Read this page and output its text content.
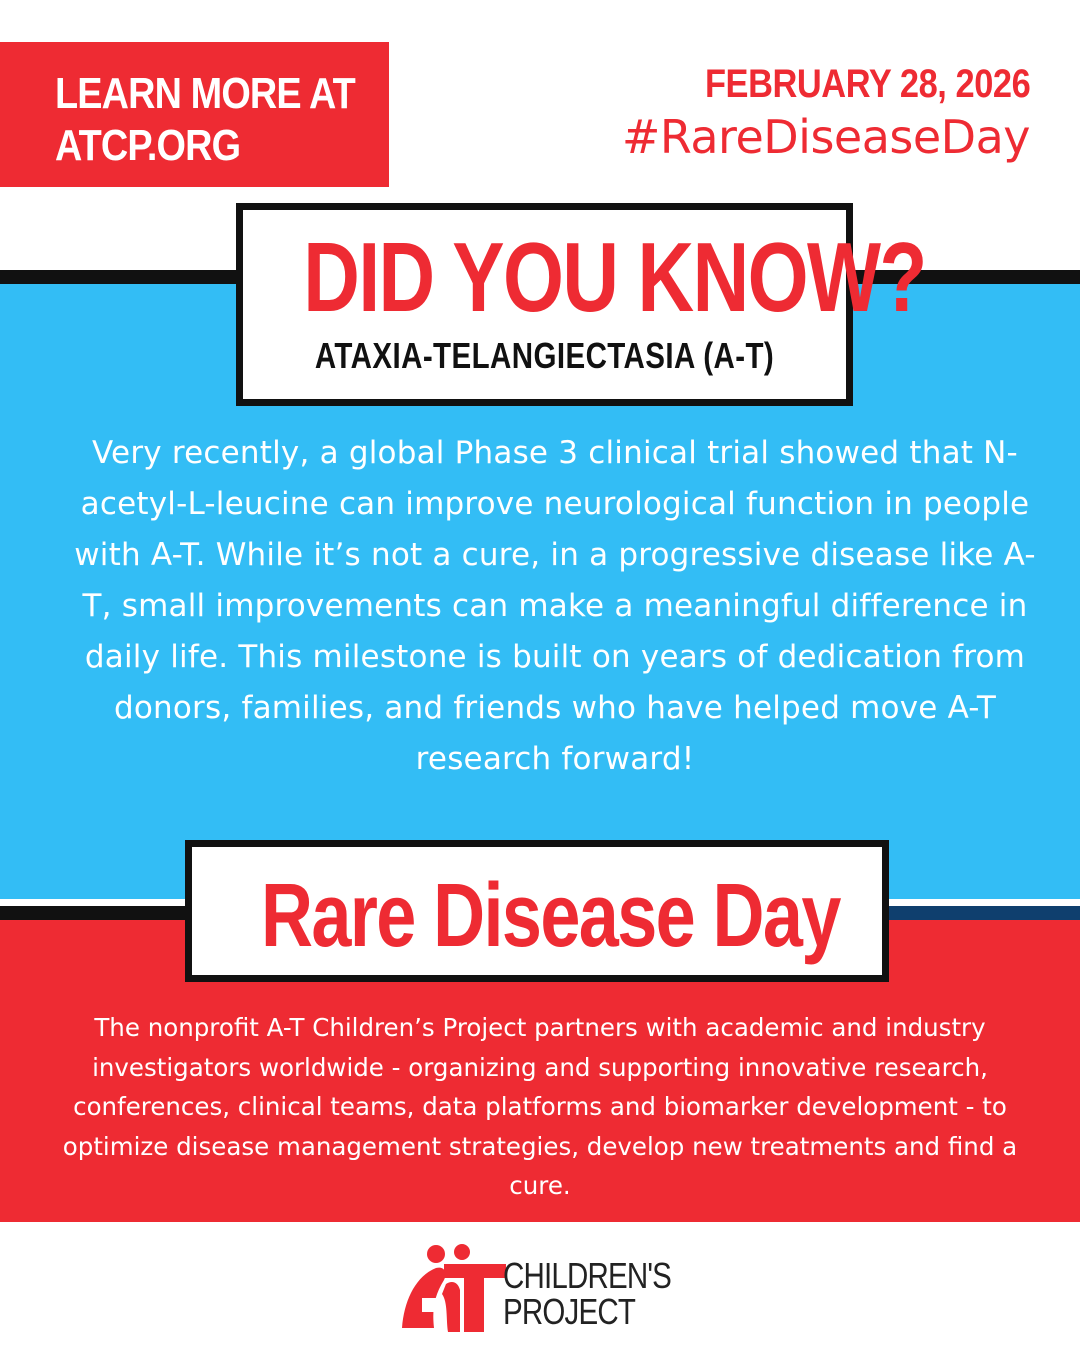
LEARN MORE AT
ATCP.ORG
FEBRUARY 28, 2026
#RareDiseaseDay
DID YOU KNOW?
ATAXIA-TELANGIECTASIA (A-T)
Very recently, a global Phase 3 clinical trial showed that N-acetyl-L-leucine can improve neurological function in people with A-T. While it’s not a cure, in a progressive disease like A-T, small improvements can make a meaningful difference in daily life. This milestone is built on years of dedication from donors, families, and friends who have helped move A-T research forward!
Rare Disease Day
The nonprofit A-T Children’s Project partners with academic and industry investigators worldwide - organizing and supporting innovative research, conferences, clinical teams, data platforms and biomarker development - to optimize disease management strategies, develop new treatments and find a cure.
CHILDREN'S
PROJECT
